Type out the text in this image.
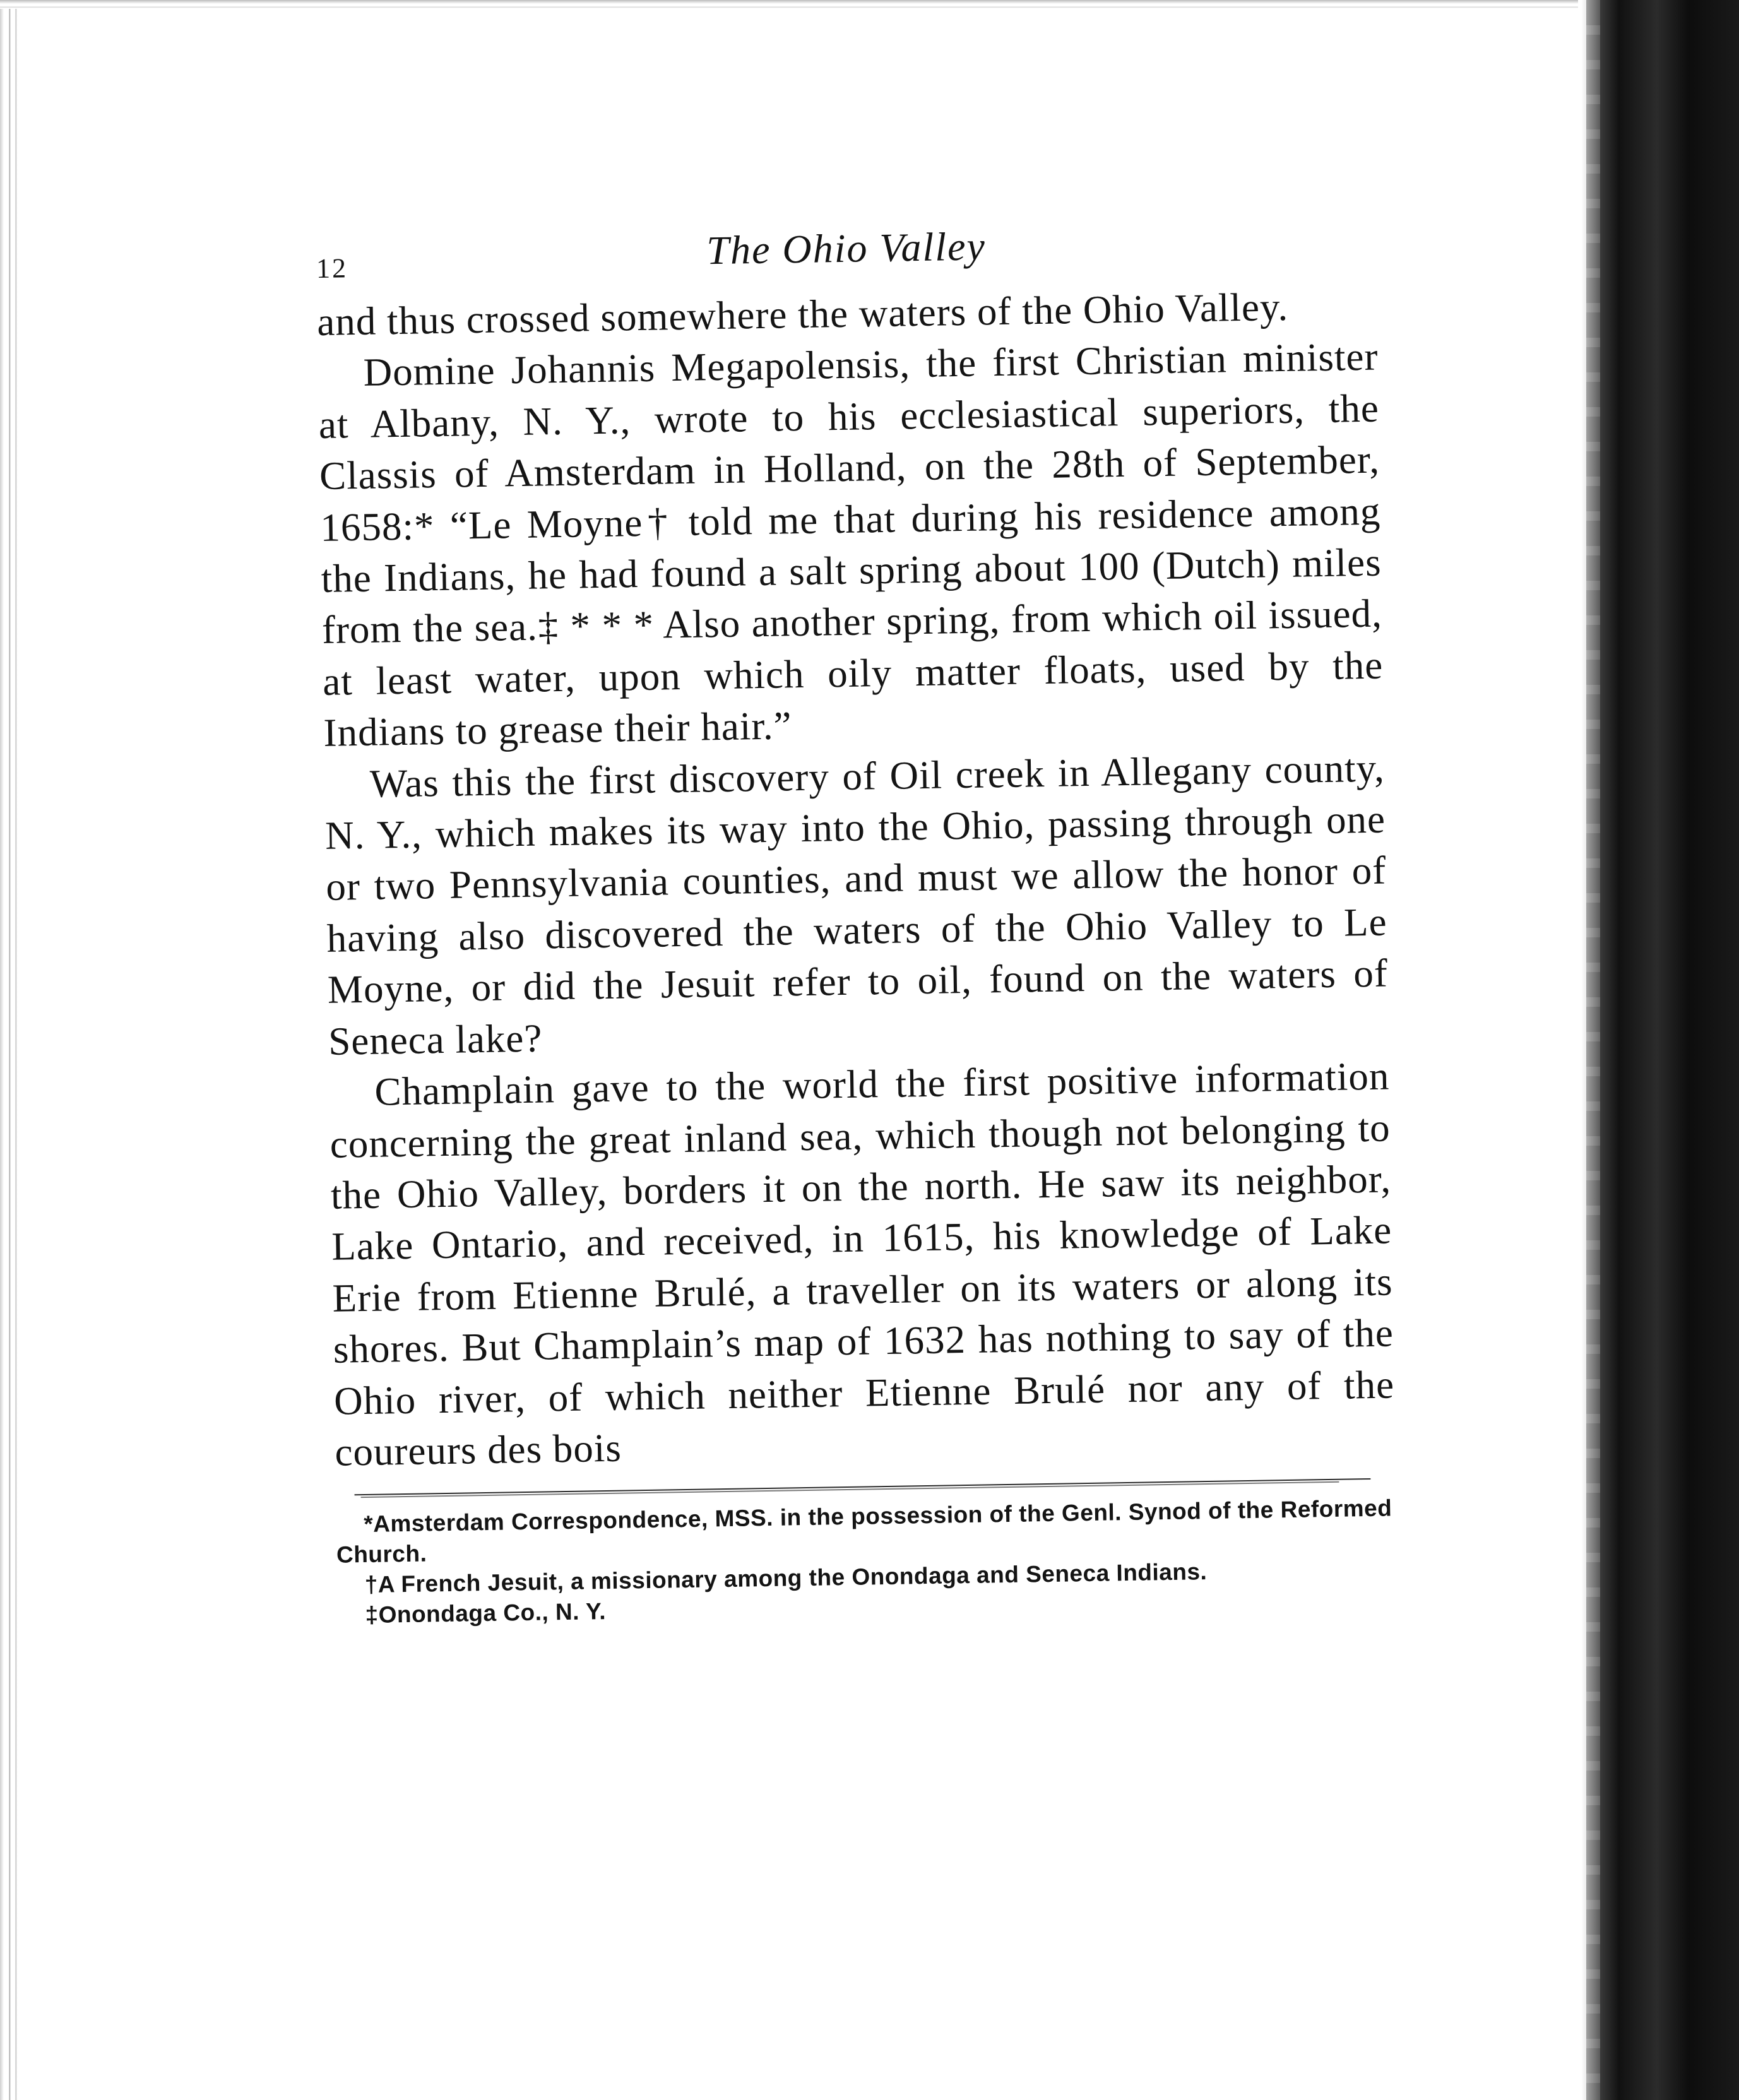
12	The Ohio Valley

and thus crossed somewhere the waters of the Ohio Valley.

Domine Johannis Megapolensis, the first Christian minister at Albany, N. Y., wrote to his ecclesiastical superiors, the Classis of Amsterdam in Holland, on the 28th of September, 1658:* “Le Moyne† told me that during his residence among the Indians, he had found a salt spring about 100 (Dutch) miles from the sea.‡ * * * Also another spring, from which oil issued, at least water, upon which oily matter floats, used by the Indians to grease their hair.”

Was this the first discovery of Oil creek in Allegany county, N. Y., which makes its way into the Ohio, passing through one or two Pennsylvania counties, and must we allow the honor of having also discovered the waters of the Ohio Valley to Le Moyne, or did the Jesuit refer to oil, found on the waters of Seneca lake?

Champlain gave to the world the first positive information concerning the great inland sea, which though not belonging to the Ohio Valley, borders it on the north. He saw its neighbor, Lake Ontario, and received, in 1615, his knowledge of Lake Erie from Etienne Brulé, a traveller on its waters or along its shores. But Champlain’s map of 1632 has nothing to say of the Ohio river, of which neither Etienne Brulé nor any of the coureurs des bois

*Amsterdam Correspondence, MSS. in the possession of the Genl. Synod of the Reformed Church.

†A French Jesuit, a missionary among the Onondaga and Seneca Indians.

‡Onondaga Co., N. Y.
